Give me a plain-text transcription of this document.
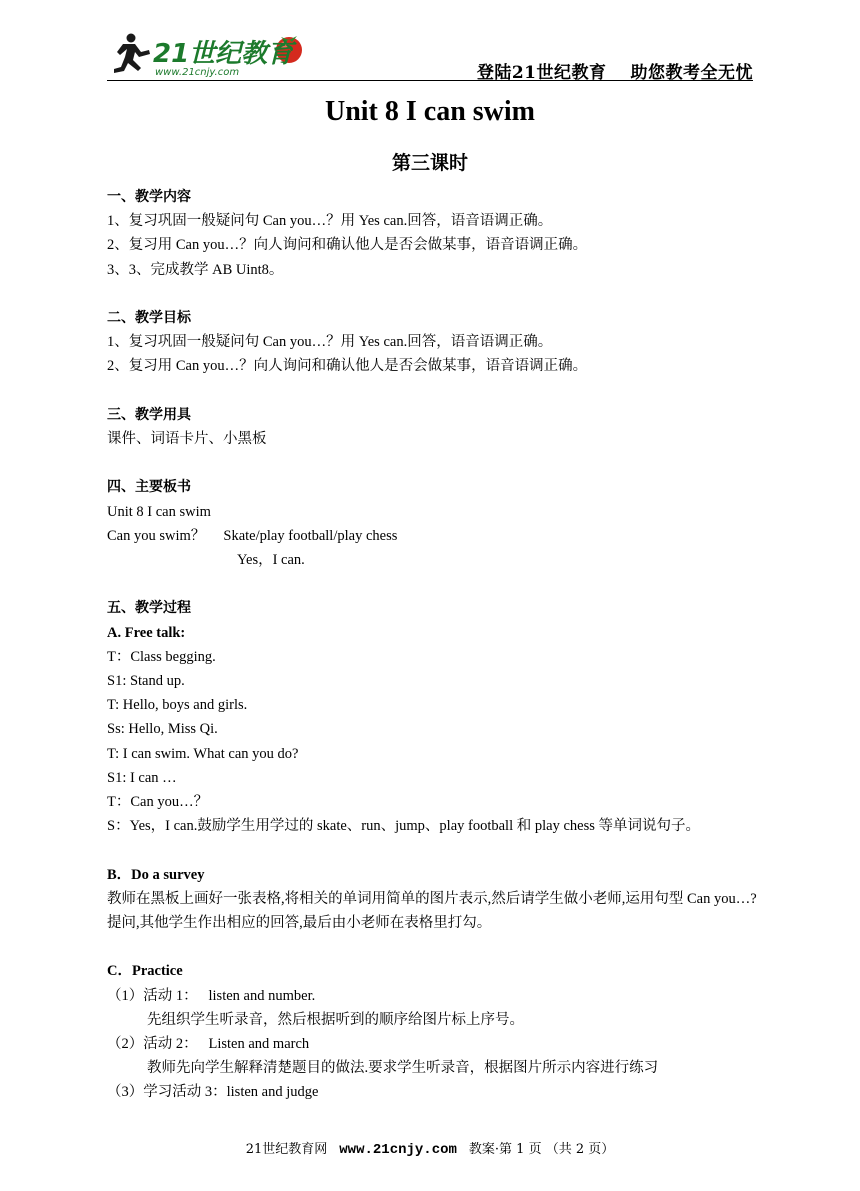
21世纪教育
www.21cnjy.com	登陆21世纪教育 助您教考全无忧
Unit 8 I can swim
第三课时
一、教学内容
1、复习巩固一般疑问句 Can you…？用 Yes can.回答，语音语调正确。
2、复习用 Can you…？向人询问和确认他人是否会做某事，语音语调正确。
3、3、完成教学 AB Uint8。
二、教学目标
1、复习巩固一般疑问句 Can you…？用 Yes can.回答，语音语调正确。
2、复习用 Can you…？向人询问和确认他人是否会做某事，语音语调正确。
三、教学用具
课件、词语卡片、小黑板
四、主要板书
Unit 8 I can swim
Can you swim？     Skate/play football/play chess
Yes，I can.
五、教学过程
A. Free talk:
T：Class begging.
S1: Stand up.
T: Hello, boys and girls.
Ss: Hello, Miss Qi.
T: I can swim. What can you do?
S1: I can …
T：Can you…？
S：Yes，I can.鼓励学生用学过的 skate、run、jump、play football 和 play chess 等单词说句子。
B．Do a survey
教师在黑板上画好一张表格,将相关的单词用简单的图片表示,然后请学生做小老师,运用句型 Can you…?提问,其他学生作出相应的回答,最后由小老师在表格里打勾。
C．Practice
（1）活动 1：   listen and number.
先组织学生听录音，然后根据听到的顺序给图片标上序号。
（2）活动 2：   Listen and march
教师先向学生解释清楚题目的做法.要求学生听录音，根据图片所示内容进行练习
（3）学习活动 3：listen and judge
21世纪教育网 www.21cnjy.com 教案·第 1 页 （共 2 页）
